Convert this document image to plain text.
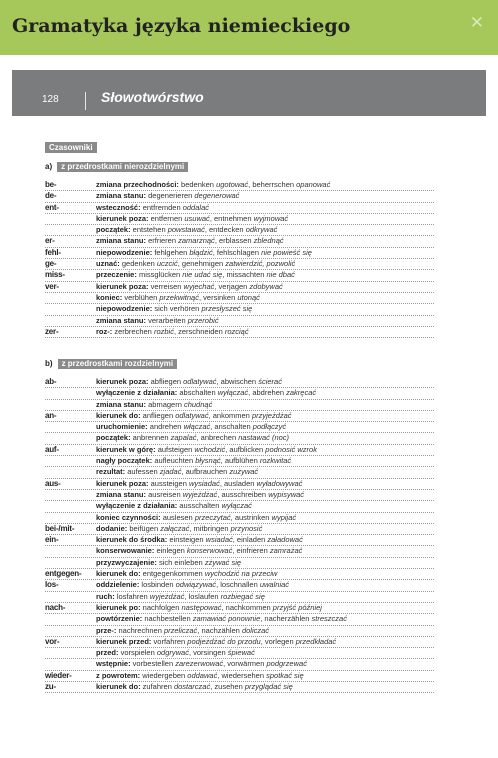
Gramatyka języka niemieckiego	✕
128	Słowotwórstwo
Czasowniki
a) z przedrostkami nierozdzielnymi
be-	zmiana przechodności: bedenken ugotować, beherrschen opanować
de-	zmiana stanu: degenerieren degenerować
ent-	wsteczność: entfremden oddalać
kierunek poza: entfernen usuwać, entnehmen wyjmować
początek: entstehen powstawać, entdecken odkrywać
er-	zmiana stanu: erfrieren zamarznąć, erblassen zblednąć
fehl-	niepowodzenie: fehlgehen błądzić, fehlschlagen nie powieść się
ge-	uznać: gedenken uczcić, genehmigen zatwierdzić, pozwolić
miss-	przeczenie: missglücken nie udać się, missachten nie dbać
ver-	kierunek poza: verreisen wyjechać, verjagen zdobywać
koniec: verblühen przekwitnąć, versinken utonąć
niepowodzenie: sich verhören przesłyszeć się
zmiana stanu: verarbeiten przerobić
zer-	roz-: zerbrechen rozbić, zerschneiden rozciąć
b) z przedrostkami rozdzielnymi
ab-	kierunek poza: abfliegen odlatywać, abwischen ścierać
wyłączenie z działania: abschalten wyłączać, abdrehen zakręcać
zmiana stanu: abmagern chudnąć
an-	kierunek do: anfliegen odlatywać, ankommen przyjeżdżać
uruchomienie: andrehen włączać, anschalten podłączyć
początek: anbrennen zapalać, anbrechen nastawać (noc)
auf-	kierunek w górę: aufsteigen wchodzić, aufblicken podnosić wzrok
nagły początek: aufleuchten błysnąć, aufblühen rozkwitać
rezultat: aufessen zjadać, aufbrauchen zużywać
aus-	kierunek poza: aussteigen wysiadać, ausladen wyładowywać
zmiana stanu: ausreisen wyjeżdżać, ausschreiben wypisywać
wyłączenie z działania: ausschalten wyłączać
koniec czynności: auslesen przeczytać, austrinken wypijać
bei-/mit-	dodanie: beifügen załączać, mitbringen przynosić
ein-	kierunek do środka: einsteigen wsiadać, einladen załadować
konserwowanie: einlegen konserwować, einfrieren zamrażać
przyzwyczajenie: sich einleben zżywać się
entgegen- kierunek do: entgegenkommen wychodzić na przeciw
los-	oddzielenie: losbinden odwiązywać, loschnallen uwalniać
ruch: losfahren wyjeżdżać, loslaufen rozbiegać się
nach-	kierunek po: nachfolgen następować, nachkommen przyjść później
powtórzenie: nachbestellen zamawiać ponownie, nacherzählen streszczać
prze-: nachrechnen przeliczać, nachzählen doliczać
vor-	kierunek przed: vorfahren podjeżdżać do przodu, vorlegen przedkładać
przed: vorspielen odgrywać, vorsingen śpiewać
wstępnie: vorbestellen zarezerwować, vorwärmen podgrzewać
wieder-	z powrotem: wiedergeben oddawać, wiedersehen spotkać się
zu-	kierunek do: zufahren dostarczać, zusehen przyglądać się
